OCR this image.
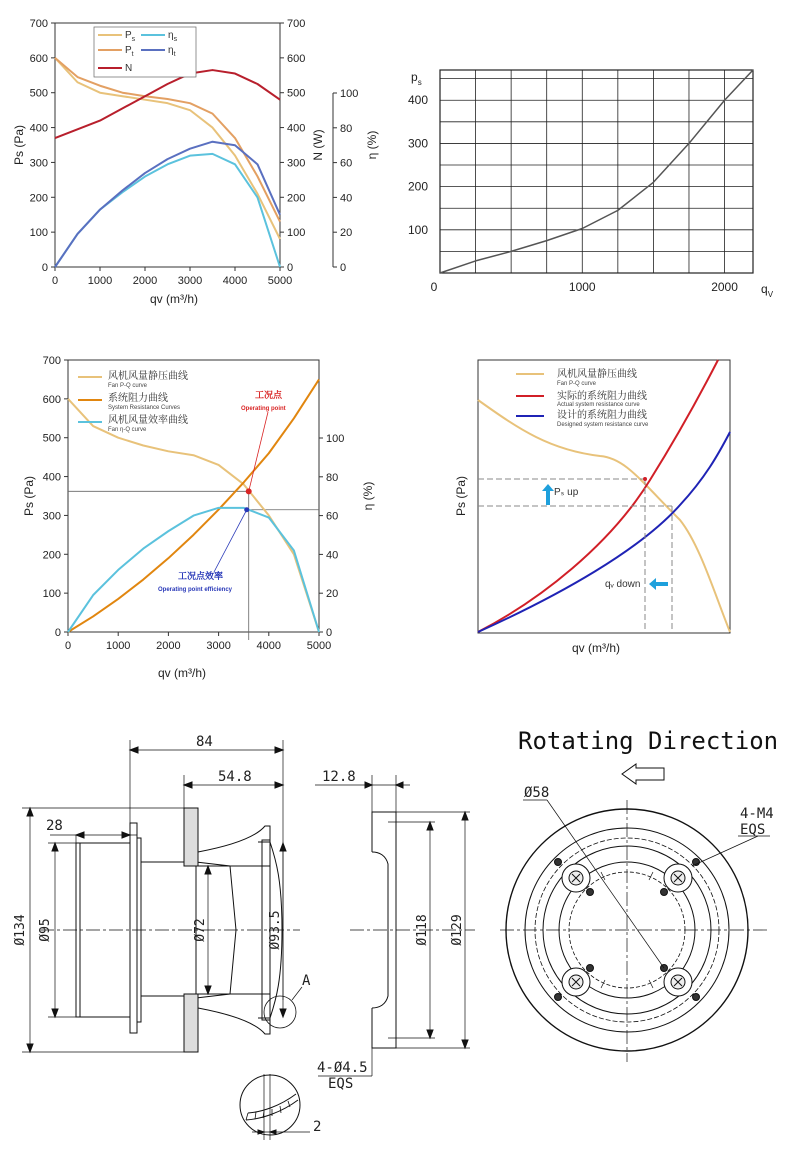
0	1000 2000 3000 4000 5000
0
100
200
300
400
500
600
700
0
100
200
300
400
500
600
700
0
20
40
60
80
100
qv (m³/h)
Ps (Pa)	N (W)	η (%)
$P_s$
$P_t$
N
$\eta_s$
$\eta_t$
0	1000	2000
100
200
300
400
$p_s$
$q_V$
0	1000 2000 3000 4000 5000
0
100
200
300
400
500
600
700
0
20
40
60
80
100
qv (m³/h)
Ps (Pa)	η (%)
风机风量静压曲线
Fan P-Q curve
系统阻力曲线
System Resistance Curves
风机风量效率曲线
Fan η-Q curve
工况点
Operating point
工况点效率
Operating point efficiency
Pₛ up
qᵥ down
风机风量静压曲线
Fan P-Q curve
实际的系统阻力曲线
Actual system resistance curve
设计的系统阻力曲线
Designed system resistance curve
qv (m³/h)
Ps (Pa)
84
54.8	12.8
28
Ø134 Ø95	Ø72	Ø93.5	Ø118 Ø129
4-Ø4.5
EQS
A
2
Rotating Direction
Ø58
4-M4
EQS
